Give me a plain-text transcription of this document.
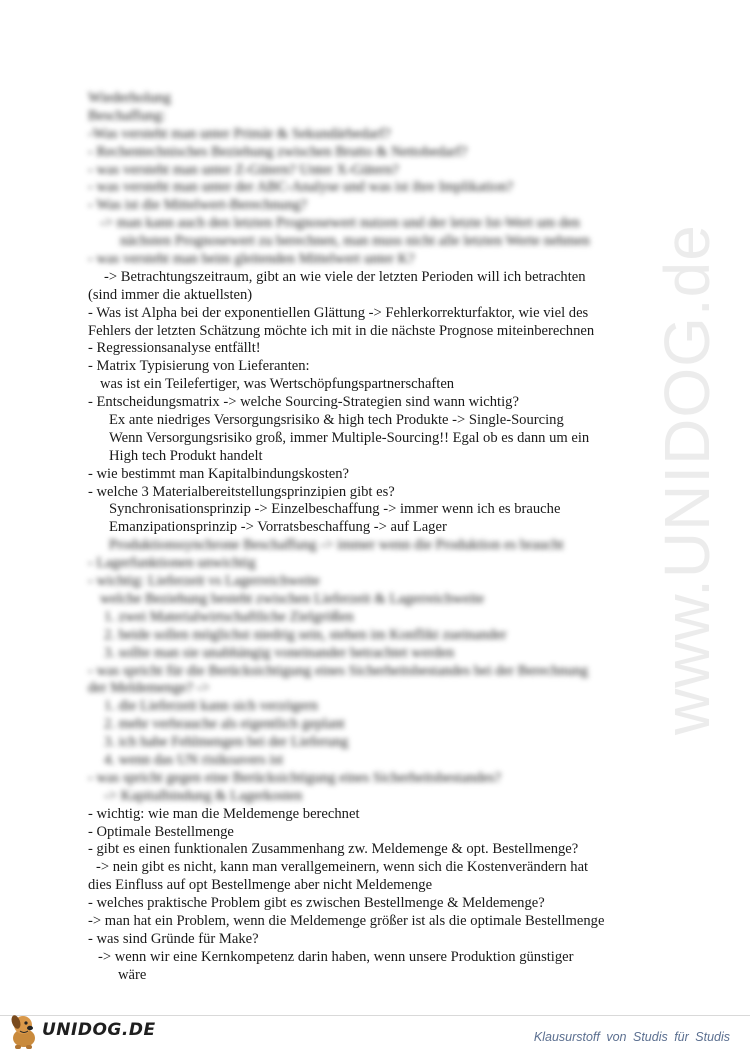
www.UNIDOG.de
Wiederholung
Beschaffung:
-Was versteht man unter Primär & Sekundärbedarf?
- Rechentechnisches Beziehung zwischen Brutto & Nettobedarf?
- was versteht man unter Z-Gütern? Unter X-Gütern?
- was versteht man unter der ABC-Analyse und was ist ihre Implikation?
- Was ist die Mittelwert-Berechnung?
-> man kann auch den letzten Prognosewert nutzen und der letzte Ist-Wert um den
nächsten Prognosewert zu berechnen, man muss nicht alle letzten Werte nehmen
- was versteht man beim gleitenden Mittelwert unter K?
-> Betrachtungszeitraum, gibt an wie viele der letzten Perioden will ich betrachten
(sind immer die aktuellsten)
- Was ist Alpha bei der exponentiellen Glättung -> Fehlerkorrekturfaktor, wie viel des
Fehlers der letzten Schätzung möchte ich mit in die nächste Prognose miteinberechnen
- Regressionsanalyse entfällt!
- Matrix Typisierung von Lieferanten:
was ist ein Teilefertiger, was Wertschöpfungspartnerschaften
- Entscheidungsmatrix -> welche Sourcing-Strategien sind wann wichtig?
Ex ante niedriges Versorgungsrisiko & high tech Produkte -> Single-Sourcing
Wenn Versorgungsrisiko groß, immer Multiple-Sourcing!! Egal ob es dann um ein
High tech Produkt handelt
- wie bestimmt man Kapitalbindungskosten?
- welche 3 Materialbereitstellungsprinzipien gibt es?
Synchronisationsprinzip -> Einzelbeschaffung -> immer wenn ich es brauche
Emanzipationsprinzip -> Vorratsbeschaffung -> auf Lager
Produktionssynchrone Beschaffung -> immer wenn die Produktion es braucht
- Lagerfunktionen unwichtig
- wichtig: Lieferzeit vs Lagerreichweite
welche Beziehung besteht zwischen Lieferzeit & Lagerreichweite
1. zwei Materialwirtschaftliche Zielgrößen
2. beide sollen möglichst niedrig sein, stehen im Konflikt zueinander
3. sollte man sie unabhängig voneinander betrachtet werden
- was spricht für die Berücksichtigung eines Sicherheitsbestandes bei der Berechnung
der Meldemenge? ->
1. die Lieferzeit kann sich verzögern
2. mehr verbrauche als eigentlich geplant
3. ich habe Fehlmengen bei der Lieferung
4. wenn das UN risikoavers ist
- was spricht gegen eine Berücksichtigung eines Sicherheitsbestandes?
-> Kapitalbindung & Lagerkosten
- wichtig: wie man die Meldemenge berechnet
- Optimale Bestellmenge
- gibt es einen funktionalen Zusammenhang zw. Meldemenge & opt. Bestellmenge?
-> nein gibt es nicht, kann man verallgemeinern, wenn sich die Kostenverändern hat
dies Einfluss auf opt Bestellmenge aber nicht Meldemenge
- welches praktische Problem gibt es zwischen Bestellmenge & Meldemenge?
-> man hat ein Problem, wenn die Meldemenge größer ist als die optimale Bestellmenge
- was sind Gründe für Make?
-> wenn wir eine Kernkompetenz darin haben, wenn unsere Produktion günstiger
wäre
UNIDOG.DE	Klausurstoff von Studis für Studis
